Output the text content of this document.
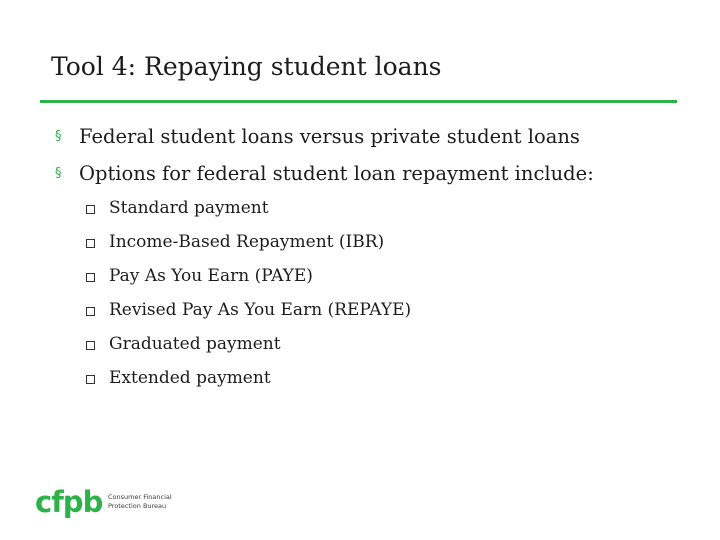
Tool 4: Repaying student loans
§ Federal student loans versus private student loans
§ Options for federal student loan repayment include:
Standard payment
Income-Based Repayment (IBR)
Pay As You Earn (PAYE)
Revised Pay As You Earn (REPAYE)
Graduated payment
Extended payment
cfpb Consumer Financial
Protection Bureau
